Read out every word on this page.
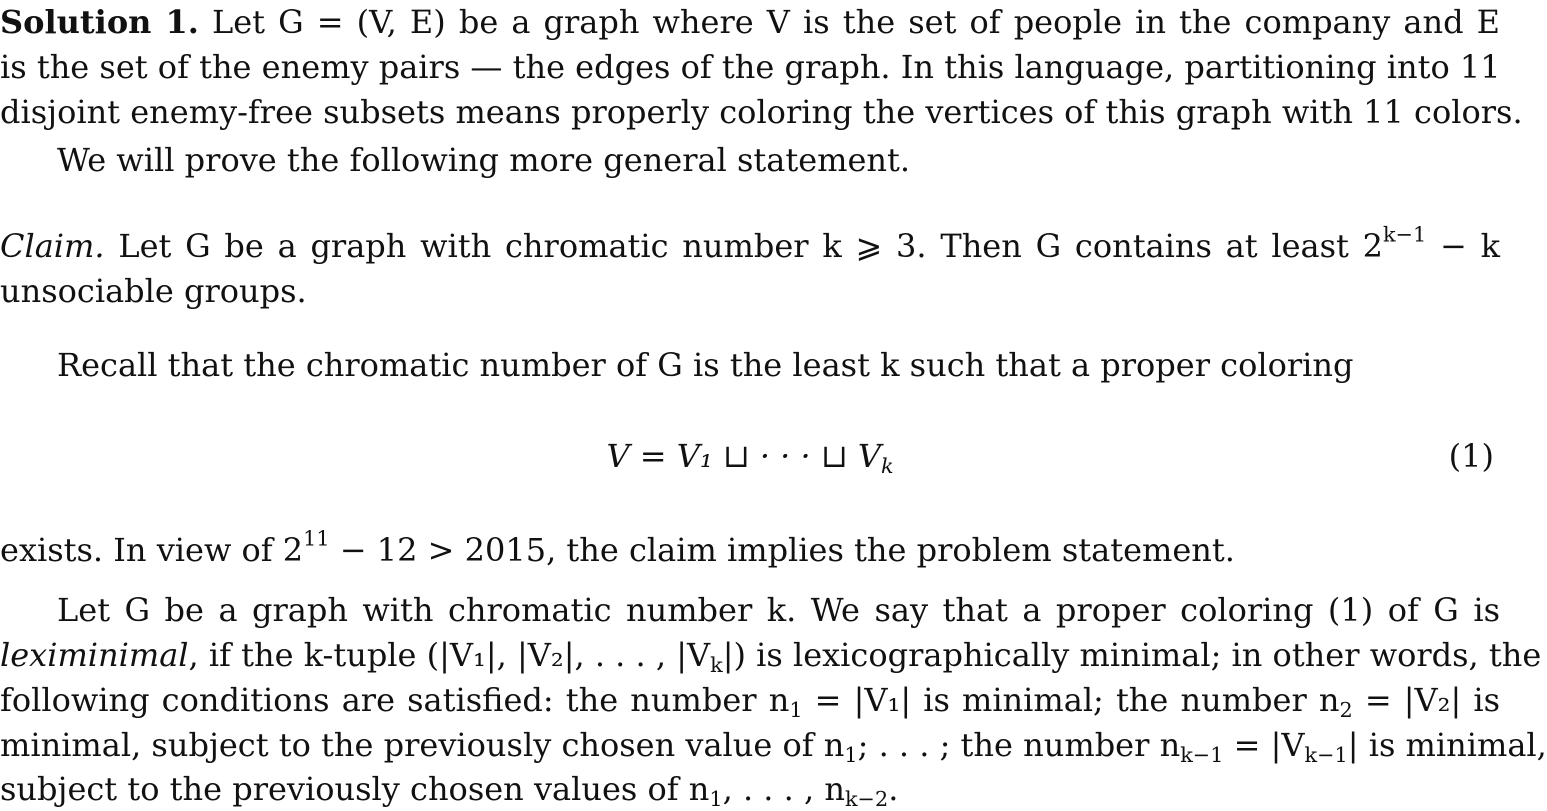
Solution 1. Let G = (V, E) be a graph where V is the set of people in the company and E
is the set of the enemy pairs — the edges of the graph. In this language, partitioning into 11
disjoint enemy-free subsets means properly coloring the vertices of this graph with 11 colors.
We will prove the following more general statement.
Claim. Let G be a graph with chromatic number k ⩾ 3. Then G contains at least $2^{k-1} - k$
unsociable groups.
Recall that the chromatic number of G is the least k such that a proper coloring
V = V₁ ⊔ · · · ⊔ $V_k$	(1)
exists. In view of $2^{11} - 12 > 2015$, the claim implies the problem statement.
Let G be a graph with chromatic number k. We say that a proper coloring (1) of G is
leximinimal, if the k-tuple (|V₁|, |V₂|, . . . , $|V_k|$) is lexicographically minimal; in other words, the
following conditions are satisfied: the number $n_1 = |V_1|$ is minimal; the number $n_2 = |V_2|$ is
minimal, subject to the previously chosen value of $n_1$; . . . ; the number $n_{k-1} = |V_{k-1}|$ is minimal,
subject to the previously chosen values of $n_1$, . . . , $n_{k-2}$.
